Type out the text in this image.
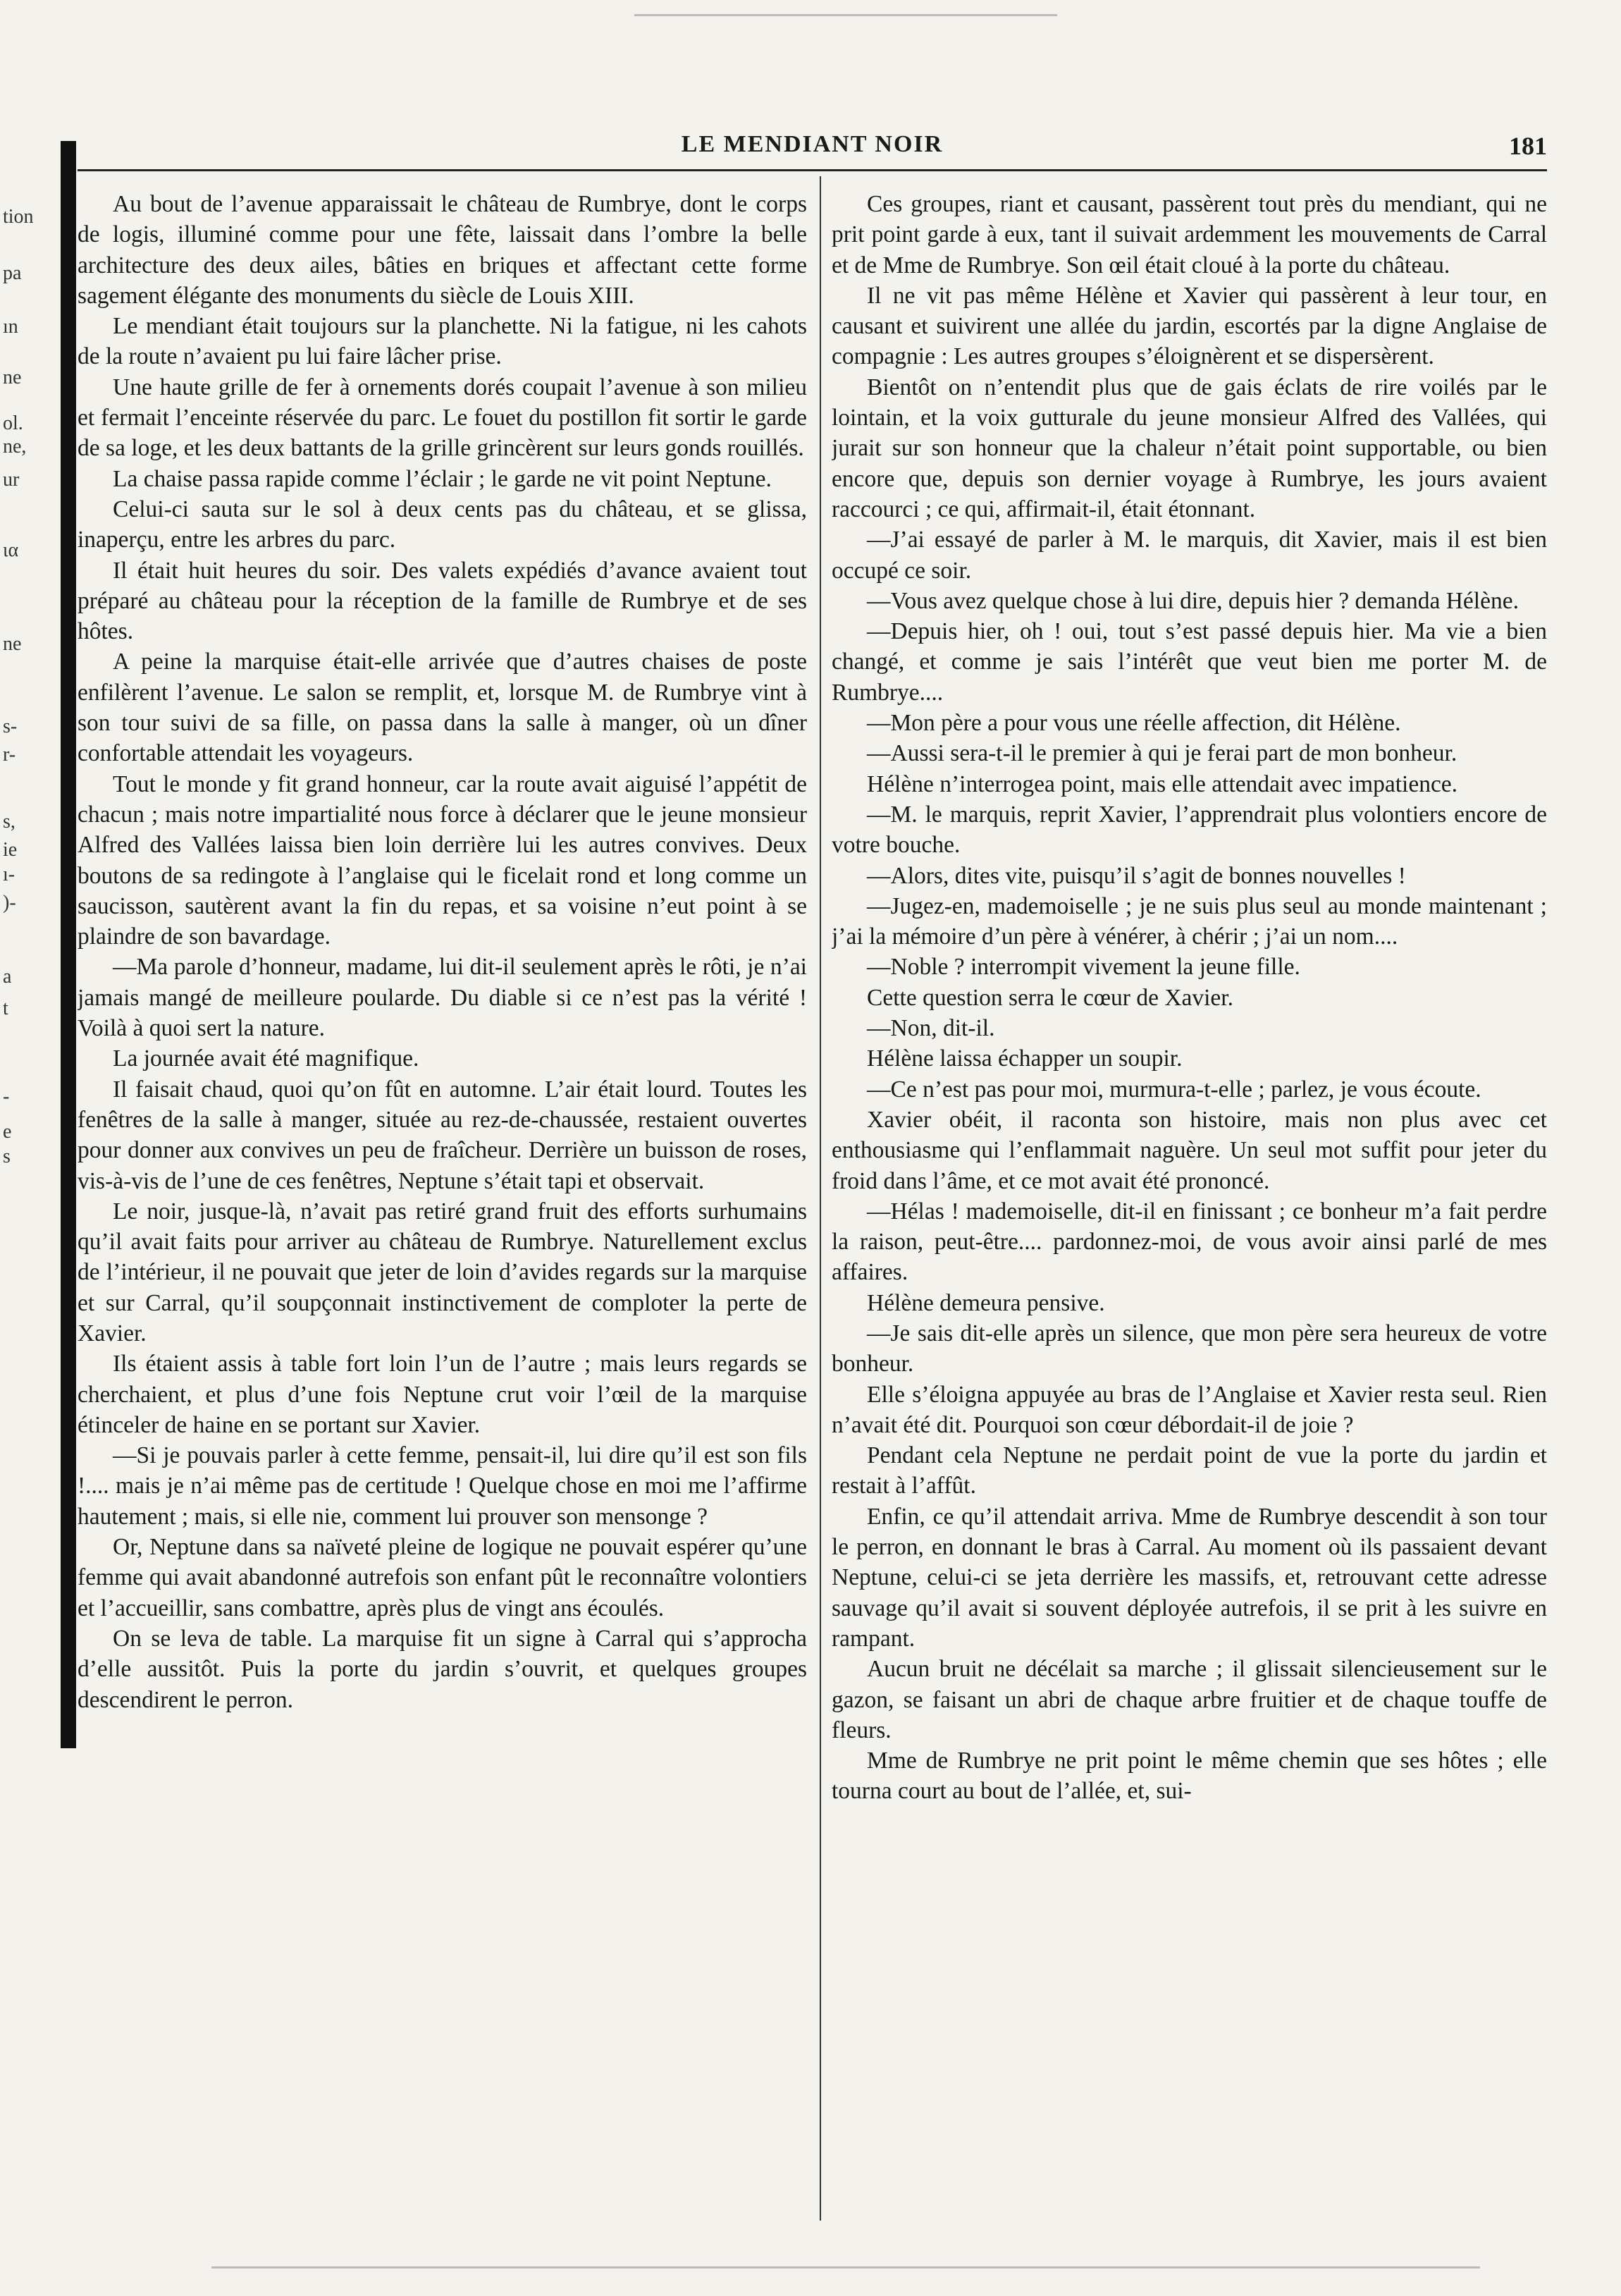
tion
pa
ın
ne
ol.
ne,
ur
ια
ne
s-
r-
s,
ie
ı-
)-
a
t
-
e
s
LE MENDIANT NOIR	181

Au bout de l’avenue apparaissait le château de Rumbrye, dont le corps de logis, illuminé comme pour une fête, laissait dans l’ombre la belle architecture des deux ailes, bâties en briques et affectant cette forme sagement élégante des monuments du siècle de Louis XIII.

Le mendiant était toujours sur la planchette. Ni la fatigue, ni les cahots de la route n’avaient pu lui faire lâcher prise.

Une haute grille de fer à ornements dorés coupait l’avenue à son milieu et fermait l’enceinte réservée du parc. Le fouet du postillon fit sortir le garde de sa loge, et les deux battants de la grille grincèrent sur leurs gonds rouillés.

La chaise passa rapide comme l’éclair ; le garde ne vit point Neptune.

Celui-ci sauta sur le sol à deux cents pas du château, et se glissa, inaperçu, entre les arbres du parc.

Il était huit heures du soir. Des valets expédiés d’avance avaient tout préparé au château pour la réception de la famille de Rumbrye et de ses hôtes.

A peine la marquise était-elle arrivée que d’autres chaises de poste enfilèrent l’avenue. Le salon se remplit, et, lorsque M. de Rumbrye vint à son tour suivi de sa fille, on passa dans la salle à manger, où un dîner confortable attendait les voyageurs.

Tout le monde y fit grand honneur, car la route avait aiguisé l’appétit de chacun ; mais notre impartialité nous force à déclarer que le jeune monsieur Alfred des Vallées laissa bien loin derrière lui les autres convives. Deux boutons de sa redingote à l’anglaise qui le ficelait rond et long comme un saucisson, sautèrent avant la fin du repas, et sa voisine n’eut point à se plaindre de son bavardage.

—Ma parole d’honneur, madame, lui dit-il seulement après le rôti, je n’ai jamais mangé de meilleure poularde. Du diable si ce n’est pas la vérité ! Voilà à quoi sert la nature.

La journée avait été magnifique.

Il faisait chaud, quoi qu’on fût en automne. L’air était lourd. Toutes les fenêtres de la salle à manger, située au rez-de-chaussée, restaient ouvertes pour donner aux convives un peu de fraîcheur. Derrière un buisson de roses, vis-à-vis de l’une de ces fenêtres, Neptune s’était tapi et observait.

Le noir, jusque-là, n’avait pas retiré grand fruit des efforts surhumains qu’il avait faits pour arriver au château de Rumbrye. Naturellement exclus de l’intérieur, il ne pouvait que jeter de loin d’avides regards sur la marquise et sur Carral, qu’il soupçonnait instinctivement de comploter la perte de Xavier.

Ils étaient assis à table fort loin l’un de l’autre ; mais leurs regards se cherchaient, et plus d’une fois Neptune crut voir l’œil de la marquise étinceler de haine en se portant sur Xavier.

—Si je pouvais parler à cette femme, pensait-il, lui dire qu’il est son fils !.... mais je n’ai même pas de certitude ! Quelque chose en moi me l’affirme hautement ; mais, si elle nie, comment lui prouver son mensonge ?

Or, Neptune dans sa naïveté pleine de logique ne pouvait espérer qu’une femme qui avait abandonné autrefois son enfant pût le reconnaître volontiers et l’accueillir, sans combattre, après plus de vingt ans écoulés.

On se leva de table. La marquise fit un signe à Carral qui s’approcha d’elle aussitôt. Puis la porte du jardin s’ouvrit, et quelques groupes descendirent le perron.

Ces groupes, riant et causant, passèrent tout près du mendiant, qui ne prit point garde à eux, tant il suivait ardemment les mouvements de Carral et de Mme de Rumbrye. Son œil était cloué à la porte du château.

Il ne vit pas même Hélène et Xavier qui passèrent à leur tour, en causant et suivirent une allée du jardin, escortés par la digne Anglaise de compagnie : Les autres groupes s’éloignèrent et se dispersèrent.

Bientôt on n’entendit plus que de gais éclats de rire voilés par le lointain, et la voix gutturale du jeune monsieur Alfred des Vallées, qui jurait sur son honneur que la chaleur n’était point supportable, ou bien encore que, depuis son dernier voyage à Rumbrye, les jours avaient raccourci ; ce qui, affirmait-il, était étonnant.

—J’ai essayé de parler à M. le marquis, dit Xavier, mais il est bien occupé ce soir.

—Vous avez quelque chose à lui dire, depuis hier ? demanda Hélène.

—Depuis hier, oh ! oui, tout s’est passé depuis hier. Ma vie a bien changé, et comme je sais l’intérêt que veut bien me porter M. de Rumbrye....

—Mon père a pour vous une réelle affection, dit Hélène.

—Aussi sera-t-il le premier à qui je ferai part de mon bonheur.

Hélène n’interrogea point, mais elle attendait avec impatience.

—M. le marquis, reprit Xavier, l’apprendrait plus volontiers encore de votre bouche.

—Alors, dites vite, puisqu’il s’agit de bonnes nouvelles !

—Jugez-en, mademoiselle ; je ne suis plus seul au monde maintenant ; j’ai la mémoire d’un père à vénérer, à chérir ; j’ai un nom....

—Noble ? interrompit vivement la jeune fille.

Cette question serra le cœur de Xavier.

—Non, dit-il.

Hélène laissa échapper un soupir.

—Ce n’est pas pour moi, murmura-t-elle ; parlez, je vous écoute.

Xavier obéit, il raconta son histoire, mais non plus avec cet enthousiasme qui l’enflammait naguère. Un seul mot suffit pour jeter du froid dans l’âme, et ce mot avait été prononcé.

—Hélas ! mademoiselle, dit-il en finissant ; ce bonheur m’a fait perdre la raison, peut-être.... pardonnez-moi, de vous avoir ainsi parlé de mes affaires.

Hélène demeura pensive.

—Je sais dit-elle après un silence, que mon père sera heureux de votre bonheur.

Elle s’éloigna appuyée au bras de l’Anglaise et Xavier resta seul. Rien n’avait été dit. Pourquoi son cœur débordait-il de joie ?

Pendant cela Neptune ne perdait point de vue la porte du jardin et restait à l’affût.

Enfin, ce qu’il attendait arriva. Mme de Rumbrye descendit à son tour le perron, en donnant le bras à Carral. Au moment où ils passaient devant Neptune, celui-ci se jeta derrière les massifs, et, retrouvant cette adresse sauvage qu’il avait si souvent déployée autrefois, il se prit à les suivre en rampant.

Aucun bruit ne décélait sa marche ; il glissait silencieusement sur le gazon, se faisant un abri de chaque arbre fruitier et de chaque touffe de fleurs.

Mme de Rumbrye ne prit point le même chemin que ses hôtes ; elle tourna court au bout de l’allée, et, sui-
